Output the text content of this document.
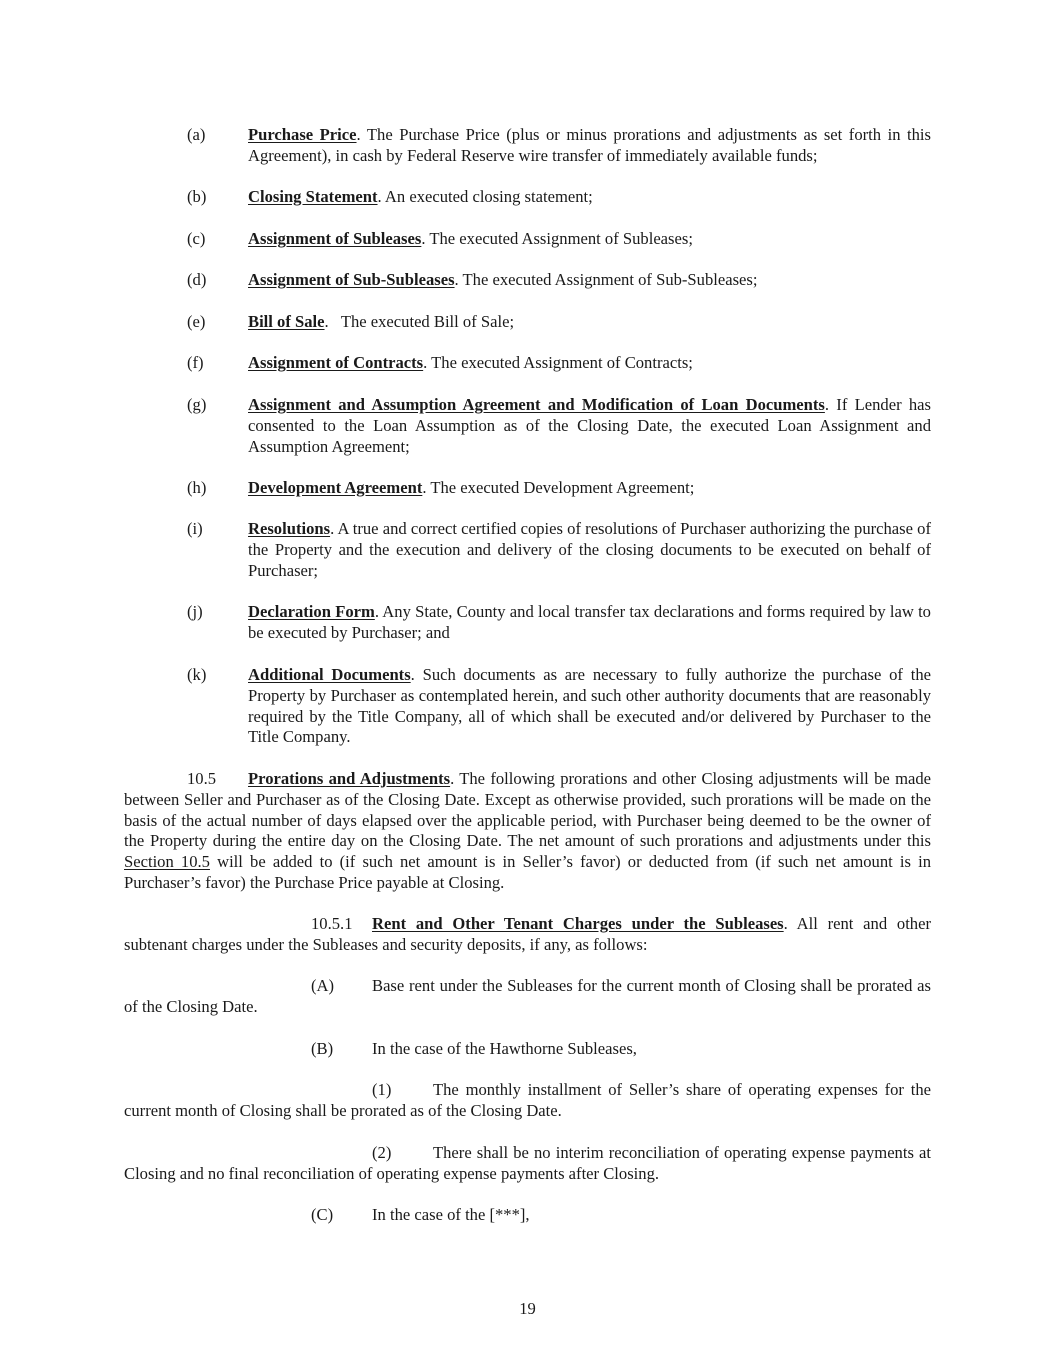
(a)	Purchase Price. The Purchase Price (plus or minus prorations and adjustments as set forth in this Agreement), in cash by Federal Reserve wire transfer of immediately available funds;
(b)	Closing Statement. An executed closing statement;
(c)	Assignment of Subleases. The executed Assignment of Subleases;
(d)	Assignment of Sub-Subleases. The executed Assignment of Sub-Subleases;
(e)	Bill of Sale.   The executed Bill of Sale;
(f)	Assignment of Contracts. The executed Assignment of Contracts;
(g)	Assignment and Assumption Agreement and Modification of Loan Documents. If Lender has consented to the Loan Assumption as of the Closing Date, the executed Loan Assignment and Assumption Agreement;
(h)	Development Agreement. The executed Development Agreement;
(i)	Resolutions. A true and correct certified copies of resolutions of Purchaser authorizing the purchase of the Property and the execution and delivery of the closing documents to be executed on behalf of Purchaser;
(j)	Declaration Form. Any State, County and local transfer tax declarations and forms required by law to be executed by Purchaser; and
(k)	Additional Documents. Such documents as are necessary to fully authorize the purchase of the Property by Purchaser as contemplated herein, and such other authority documents that are reasonably required by the Title Company, all of which shall be executed and/or delivered by Purchaser to the Title Company.
10.5 Prorations and Adjustments. The following prorations and other Closing adjustments will be made between Seller and Purchaser as of the Closing Date. Except as otherwise provided, such prorations will be made on the basis of the actual number of days elapsed over the applicable period, with Purchaser being deemed to be the owner of the Property during the entire day on the Closing Date. The net amount of such prorations and adjustments under this Section 10.5 will be added to (if such net amount is in Seller’s favor) or deducted from (if such net amount is in Purchaser’s favor) the Purchase Price payable at Closing.
10.5.1 Rent and Other Tenant Charges under the Subleases. All rent and other subtenant charges under the Subleases and security deposits, if any, as follows:
(A) Base rent under the Subleases for the current month of Closing shall be prorated as of the Closing Date.
(B) In the case of the Hawthorne Subleases,
(1)	The monthly installment of Seller’s share of operating expenses for the current month of Closing shall be prorated as of the Closing Date.
(2)	There shall be no interim reconciliation of operating expense payments at Closing and no final reconciliation of operating expense payments after Closing.
(C) In the case of the [***],
19
